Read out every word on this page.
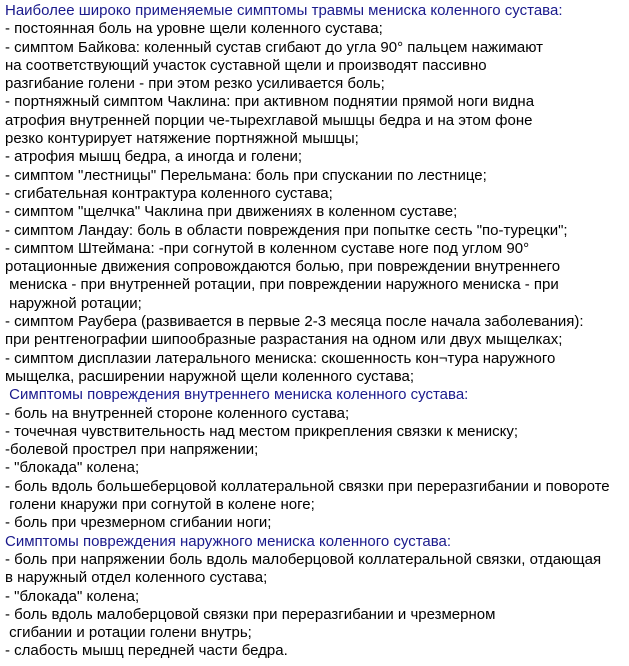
Наиболее широко применяемые симптомы травмы мениска коленного сустава:
- постоянная боль на уровне щели коленного сустава;
- симптом Байкова: коленный сустав сгибают до угла 90° пальцем нажимают
на соответствующий участок суставной щели и производят пассивно
разгибание голени - при этом резко усиливается боль;
- портняжный симптом Чаклина: при активном поднятии прямой ноги видна
атрофия внутренней порции че-тырехглавой мышцы бедра и на этом фоне
резко контурирует натяжение портняжной мышцы;
- атрофия мышц бедра, а иногда и голени;
- симптом "лестницы" Перельмана: боль при спускании по лестнице;
- сгибательная контрактура коленного сустава;
- симптом "щелчка" Чаклина при движениях в коленном суставе;
- симптом Ландау: боль в области повреждения при попытке сесть "по-турецки";
- симптом Штеймана: -при согнутой в коленном суставе ноге под углом 90°
ротационные движения сопровождаются болью, при повреждении внутреннего
мениска - при внутренней ротации, при повреждении наружного мениска - при
наружной ротации;
- симптом Раубера (развивается в первые 2-3 месяца после начала заболевания):
при рентгенографии шипообразные разрастания на одном или двух мыщелках;
- симптом дисплазии латерального мениска: скошенность кон¬тура наружного
мыщелка, расширении наружной щели коленного сустава;
Симптомы повреждения внутреннего мениска коленного сустава:
- боль на внутренней стороне коленного сустава;
- точечная чувствительность над местом прикрепления связки к мениску;
-болевой прострел при напряжении;
- "блокада" колена;
- боль вдоль большеберцовой коллатеральной связки при переразгибании и повороте
голени кнаружи при согнутой в колене ноге;
- боль при чрезмерном сгибании ноги;
Симптомы повреждения наружного мениска коленного сустава:
- боль при напряжении боль вдоль малоберцовой коллатеральной связки, отдающая
в наружный отдел коленного сустава;
- "блокада" колена;
- боль вдоль малоберцовой связки при переразгибании и чрезмерном
сгибании и ротации голени внутрь;
- слабость мышц передней части бедра.
